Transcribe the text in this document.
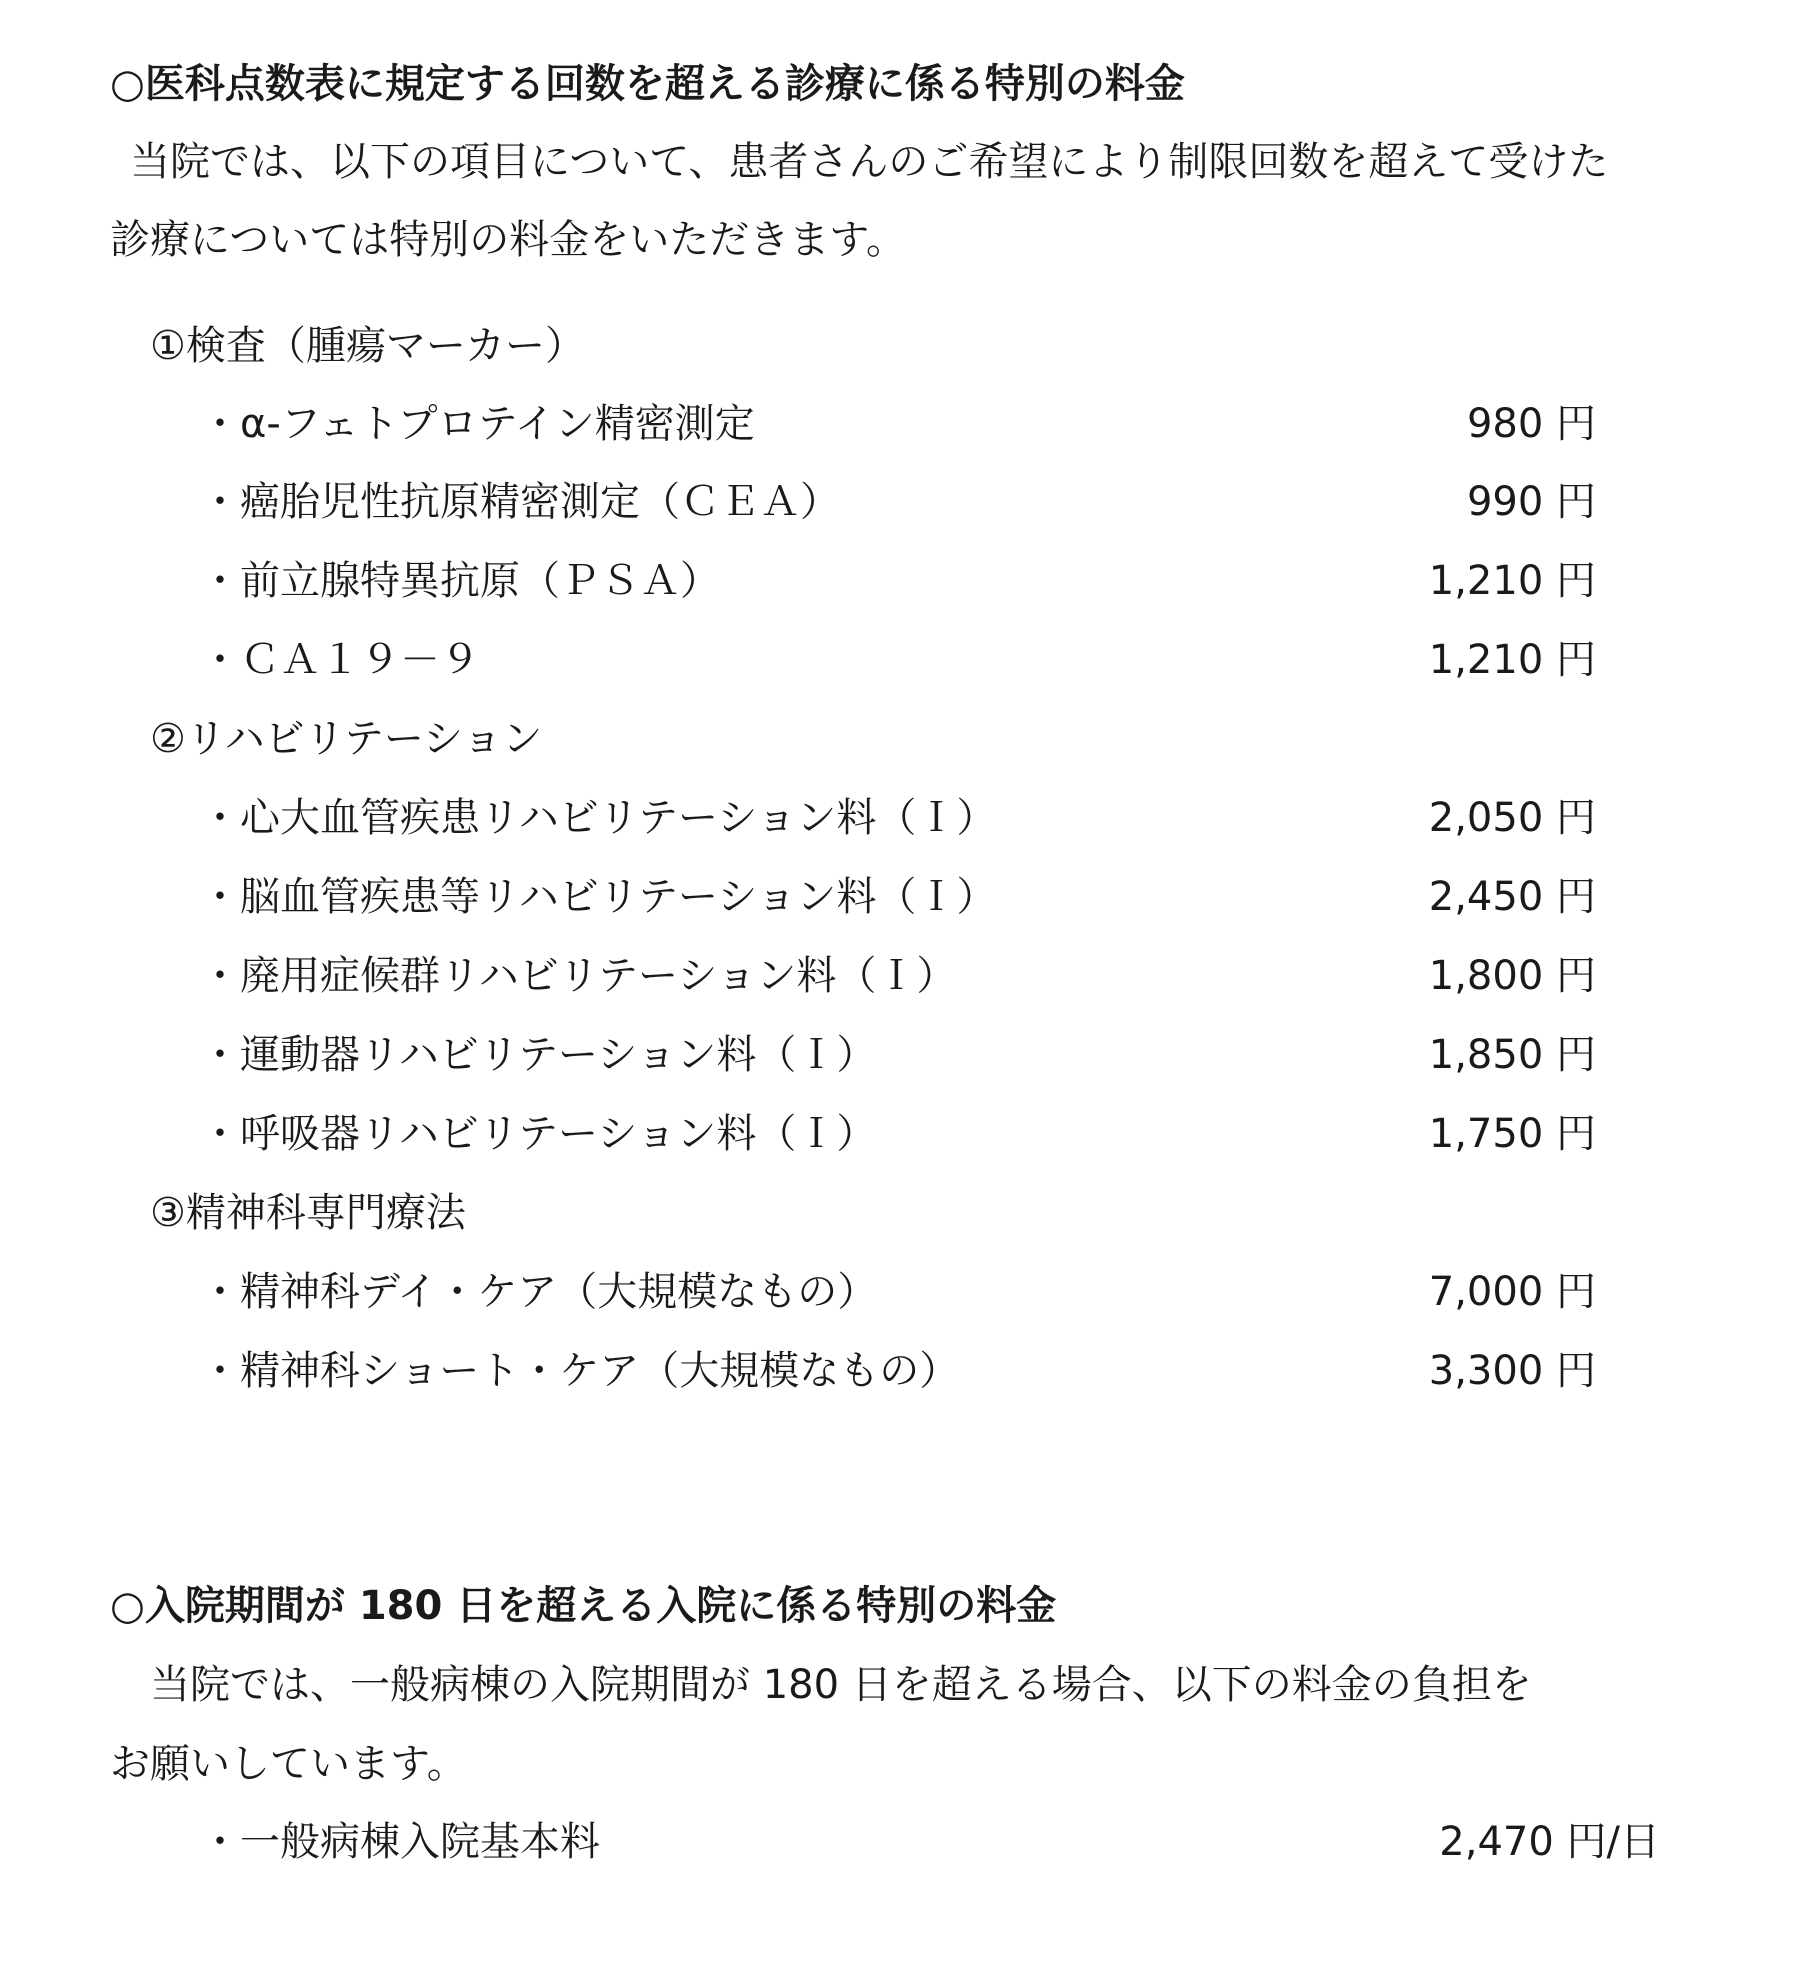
○医科点数表に規定する回数を超える診療に係る特別の料金
当院では、以下の項目について、患者さんのご希望により制限回数を超えて受けた
診療については特別の料金をいただきます。
①検査（腫瘍マーカー）
・α-フェトプロテイン精密測定	980 円
・癌胎児性抗原精密測定（ＣＥＡ）	990 円
・前立腺特異抗原（ＰＳＡ）	1,210 円
・ＣＡ１９－９	1,210 円
②リハビリテーション
・心大血管疾患リハビリテーション料（Ｉ）	2,050 円
・脳血管疾患等リハビリテーション料（Ｉ）	2,450 円
・廃用症候群リハビリテーション料（Ｉ）	1,800 円
・運動器リハビリテーション料（Ｉ）	1,850 円
・呼吸器リハビリテーション料（Ｉ）	1,750 円
③精神科専門療法
・精神科デイ・ケア（大規模なもの）	7,000 円
・精神科ショート・ケア（大規模なもの）	3,300 円
○入院期間が 180 日を超える入院に係る特別の料金
当院では、一般病棟の入院期間が 180 日を超える場合、以下の料金の負担を
お願いしています。
・一般病棟入院基本料	2,470 円/日
